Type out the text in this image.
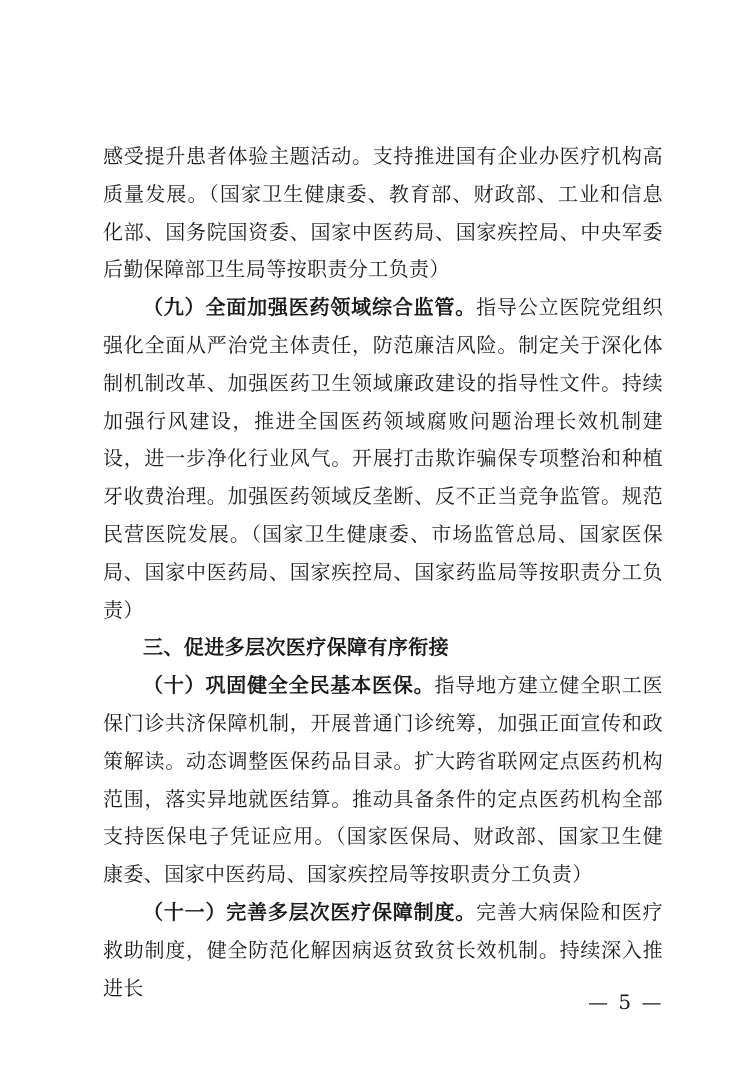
感受提升患者体验主题活动。支持推进国有企业办医疗机构高质量发展。（国家卫生健康委、教育部、财政部、工业和信息化部、国务院国资委、国家中医药局、国家疾控局、中央军委后勤保障部卫生局等按职责分工负责）

（九）全面加强医药领域综合监管。指导公立医院党组织强化全面从严治党主体责任，防范廉洁风险。制定关于深化体制机制改革、加强医药卫生领域廉政建设的指导性文件。持续加强行风建设，推进全国医药领域腐败问题治理长效机制建设，进一步净化行业风气。开展打击欺诈骗保专项整治和种植牙收费治理。加强医药领域反垄断、反不正当竞争监管。规范民营医院发展。（国家卫生健康委、市场监管总局、国家医保局、国家中医药局、国家疾控局、国家药监局等按职责分工负责）

三、促进多层次医疗保障有序衔接

（十）巩固健全全民基本医保。指导地方建立健全职工医保门诊共济保障机制，开展普通门诊统筹，加强正面宣传和政策解读。动态调整医保药品目录。扩大跨省联网定点医药机构范围，落实异地就医结算。推动具备条件的定点医药机构全部支持医保电子凭证应用。（国家医保局、财政部、国家卫生健康委、国家中医药局、国家疾控局等按职责分工负责）

（十一）完善多层次医疗保障制度。完善大病保险和医疗救助制度，健全防范化解因病返贫致贫长效机制。持续深入推进长

— 5 —
